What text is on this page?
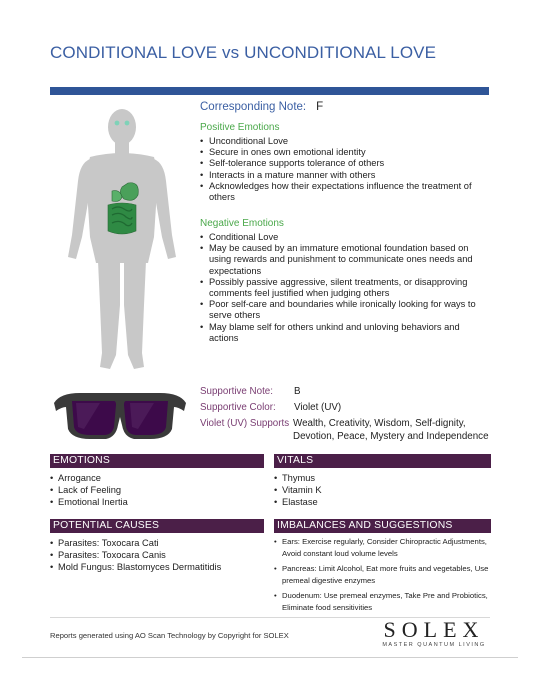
CONDITIONAL LOVE vs UNCONDITIONAL LOVE
Corresponding Note: F
Positive Emotions
• Unconditional Love
• Secure in ones own emotional identity
• Self-tolerance supports tolerance of others
• Interacts in a mature manner with others
• Acknowledges how their expectations influence the treatment of others
Negative Emotions
• Conditional Love
• May be caused by an immature emotional foundation based on using rewards and punishment to communicate ones needs and expectations
• Possibly passive aggressive, silent treatments, or disapproving comments feel justified when judging others
• Poor self-care and boundaries while ironically looking for ways to serve others
• May blame self for others unkind and unloving behaviors and actions
Supportive Note: B
Supportive Color: Violet (UV)
Violet (UV) Supports Wealth, Creativity, Wisdom, Self-dignity, Devotion, Peace, Mystery and Independence
EMOTIONS
• Arrogance
• Lack of Feeling
• Emotional Inertia
VITALS
• Thymus
• Vitamin K
• Elastase
POTENTIAL CAUSES
• Parasites: Toxocara Cati
• Parasites: Toxocara Canis
• Mold Fungus: Blastomyces Dermatitidis
IMBALANCES AND SUGGESTIONS
• Ears: Exercise regularly, Consider Chiropractic Adjustments, Avoid constant loud volume levels
• Pancreas: Limit Alcohol, Eat more fruits and vegetables, Use premeal digestive enzymes
• Duodenum: Use premeal enzymes, Take Pre and Probiotics, Eliminate food sensitivities
Reports generated using AO Scan Technology by Copyright for SOLEX	SOLEX
MASTER QUANTUM LIVING
